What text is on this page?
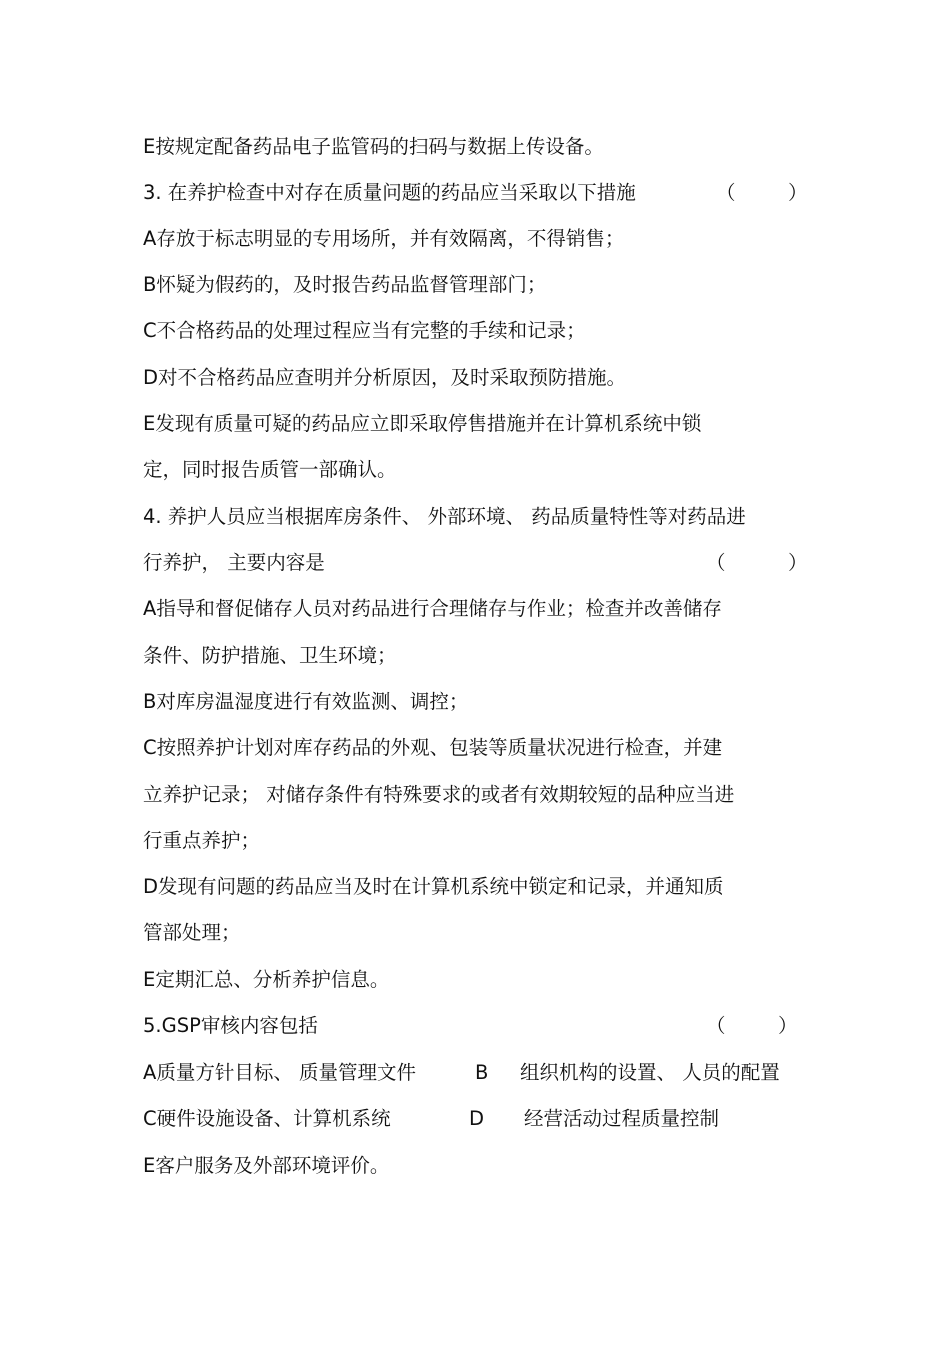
E按规定配备药品电子监管码的扫码与数据上传设备。
3. 在养护检查中对存在质量问题的药品应当采取以下措施	（	）
A存放于标志明显的专用场所，并有效隔离，不得销售；
B怀疑为假药的，及时报告药品监督管理部门；
C不合格药品的处理过程应当有完整的手续和记录；
D对不合格药品应查明并分析原因，及时采取预防措施。
E发现有质量可疑的药品应立即采取停售措施并在计算机系统中锁
定，同时报告质管一部确认。
4. 养护人员应当根据库房条件、 外部环境、 药品质量特性等对药品进
行养护， 主要内容是	（	）
A指导和督促储存人员对药品进行合理储存与作业；检查并改善储存
条件、防护措施、卫生环境；
B对库房温湿度进行有效监测、调控；
C按照养护计划对库存药品的外观、包装等质量状况进行检查，并建
立养护记录； 对储存条件有特殊要求的或者有效期较短的品种应当进
行重点养护；
D发现有问题的药品应当及时在计算机系统中锁定和记录，并通知质
管部处理；
E定期汇总、分析养护信息。
5.GSP审核内容包括	（	）
A质量方针目标、 质量管理文件	B 组织机构的设置、 人员的配置
C硬件设施设备、计算机系统	D 经营活动过程质量控制
E客户服务及外部环境评价。
